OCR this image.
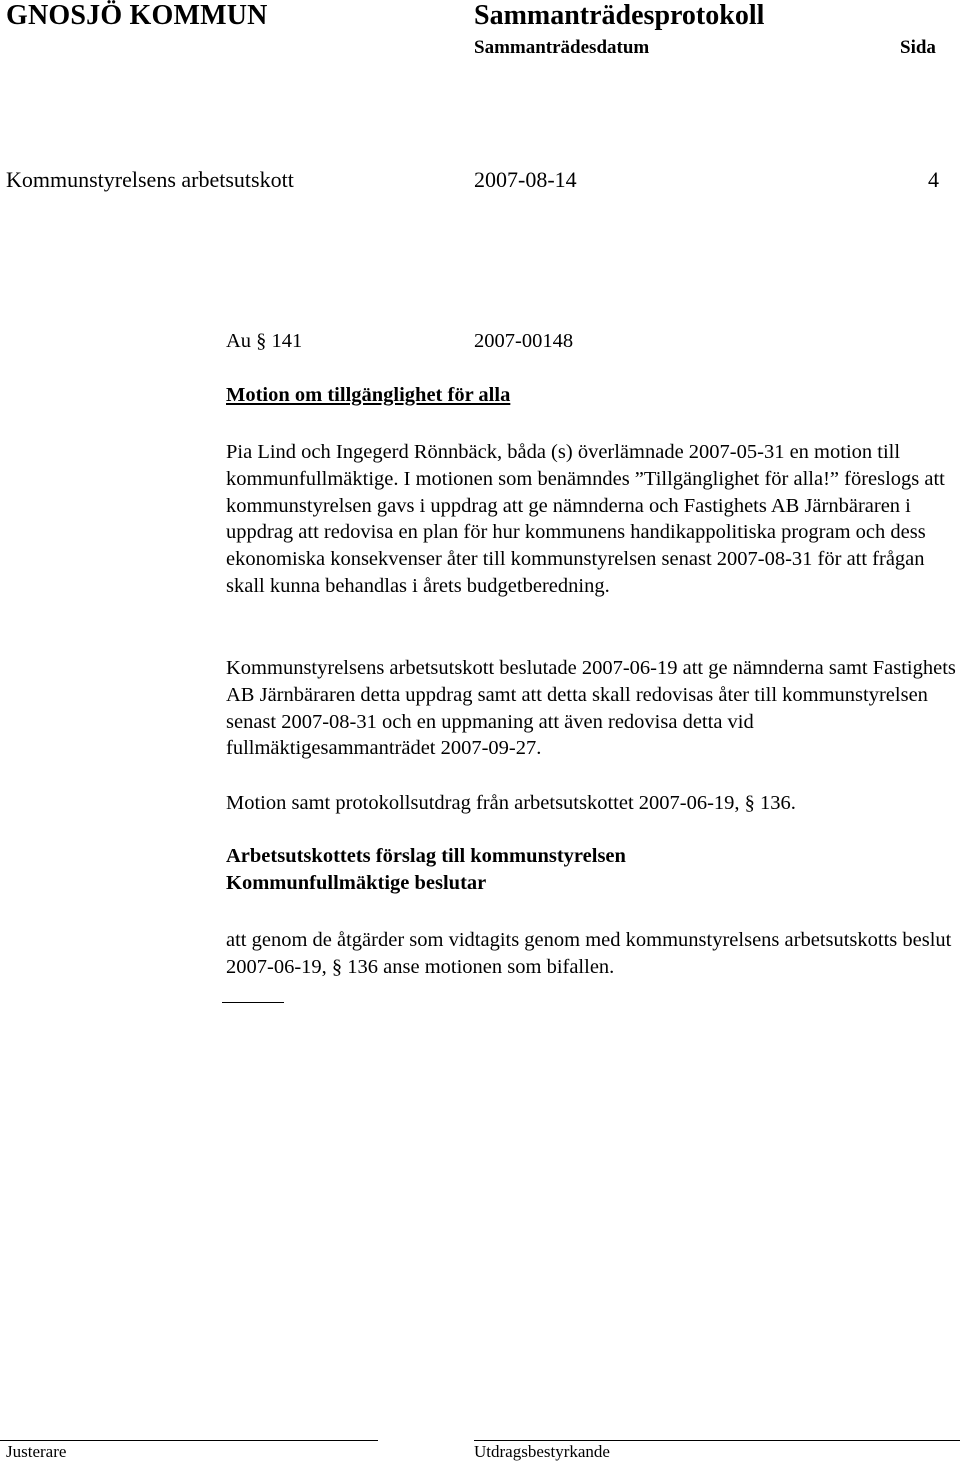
GNOSJÖ KOMMUN	Sammanträdesprotokoll
Sammanträdesdatum	Sida
Kommunstyrelsens arbetsutskott	2007-08-14	4
Au § 141	2007-00148
Motion om tillgänglighet för alla
Pia Lind och Ingegerd Rönnbäck, båda (s) överlämnade 2007-05-31 en motion till kommunfullmäktige. I motionen som benämndes ”Tillgänglighet för alla!” föreslogs att kommunstyrelsen gavs i uppdrag att ge nämnderna och Fastighets AB Järnbäraren i uppdrag att redovisa en plan för hur kommunens handikappolitiska program och dess ekonomiska konsekvenser åter till kommunstyrelsen senast 2007-08-31 för att frågan skall kunna behandlas i årets budgetberedning.
Kommunstyrelsens arbetsutskott beslutade 2007-06-19 att ge nämnderna samt Fastighets AB Järnbäraren detta uppdrag samt att detta skall redovisas åter till kommunstyrelsen senast 2007-08-31 och en uppmaning att även redovisa detta vid fullmäktigesammanträdet 2007-09-27.
Motion samt protokollsutdrag från arbetsutskottet 2007-06-19, § 136.
Arbetsutskottets förslag till kommunstyrelsen
Kommunfullmäktige beslutar
att genom de åtgärder som vidtagits genom med kommunstyrelsens arbetsutskotts beslut 2007-06-19, § 136 anse motionen som bifallen.
Justerare	Utdragsbestyrkande
